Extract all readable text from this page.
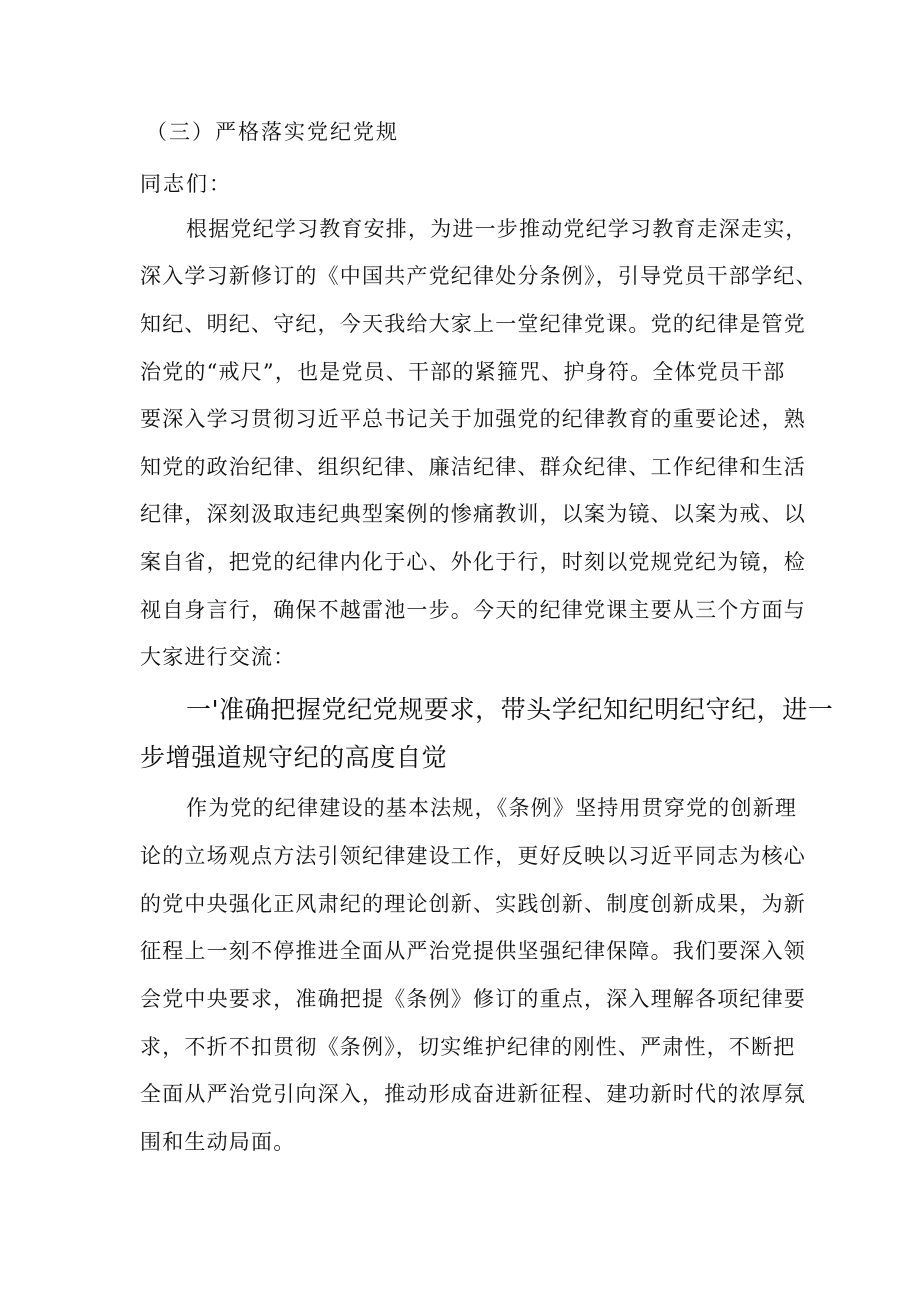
（三）严格落实党纪党规
同志们：
根据党纪学习教育安排，为进一步推动党纪学习教育走深走实，
深入学习新修订的《中国共产党纪律处分条例》，引导党员干部学纪、
知纪、明纪、守纪，今天我给大家上一堂纪律党课。党的纪律是管党
治党的“戒尺”，也是党员、干部的紧箍咒、护身符。全体党员干部
要深入学习贯彻习近平总书记关于加强党的纪律教育的重要论述，熟
知党的政治纪律、组织纪律、廉洁纪律、群众纪律、工作纪律和生活
纪律，深刻汲取违纪典型案例的惨痛教训，以案为镜、以案为戒、以
案自省，把党的纪律内化于心、外化于行，时刻以党规党纪为镜，检
视自身言行，确保不越雷池一步。今天的纪律党课主要从三个方面与
大家进行交流：
一'准确把握党纪党规要求，带头学纪知纪明纪守纪，进一
步增强道规守纪的高度自觉
作为党的纪律建设的基本法规，《条例》坚持用贯穿党的创新理
论的立场观点方法引领纪律建设工作，更好反映以习近平同志为核心
的党中央强化正风肃纪的理论创新、实践创新、制度创新成果，为新
征程上一刻不停推进全面从严治党提供坚强纪律保障。我们要深入领
会党中央要求，准确把提《条例》修订的重点，深入理解各项纪律要
求，不折不扣贯彻《条例》，切实维护纪律的刚性、严肃性，不断把
全面从严治党引向深入，推动形成奋进新征程、建功新时代的浓厚氛
围和生动局面。
